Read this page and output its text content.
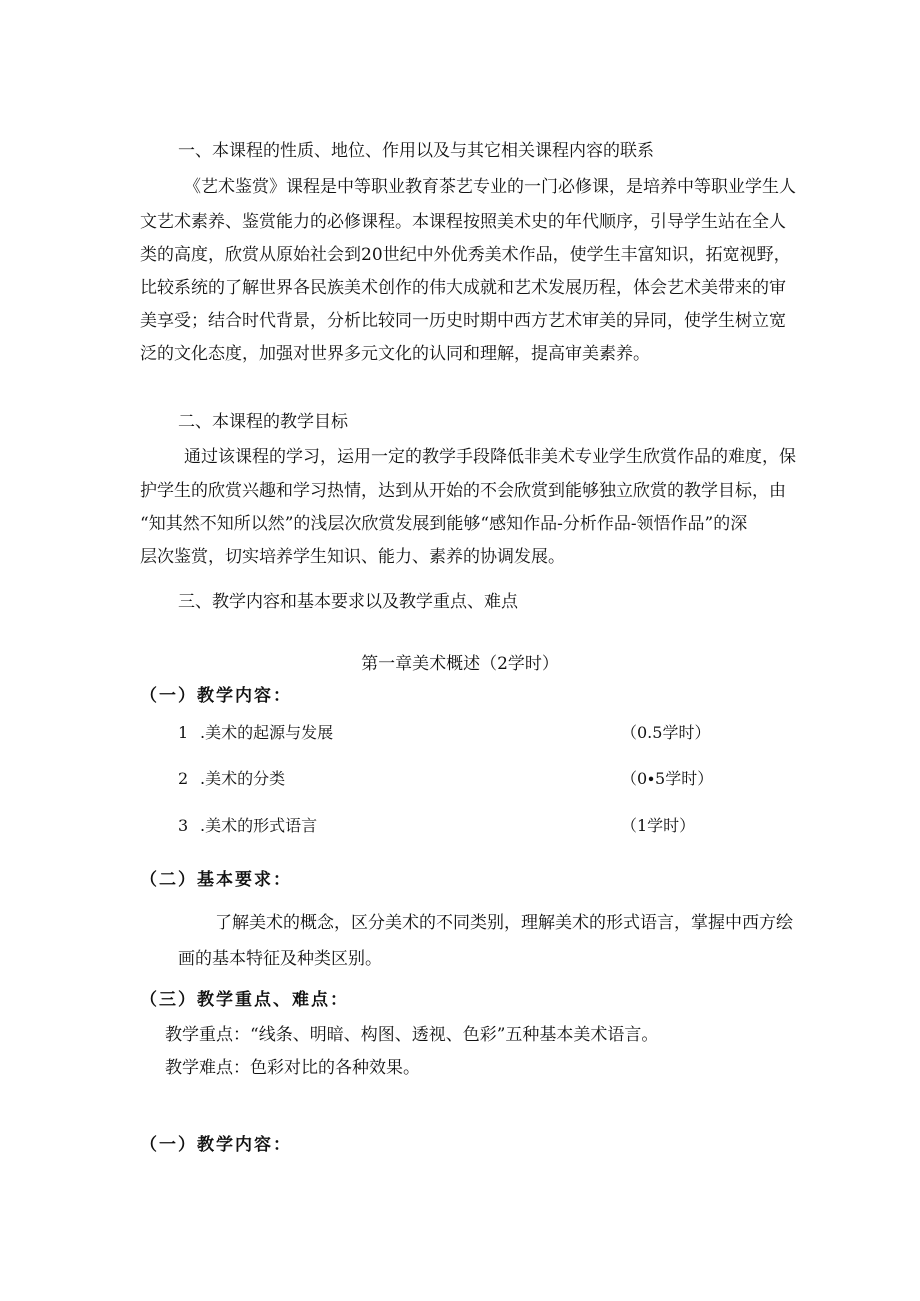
一、本课程的性质、地位、作用以及与其它相关课程内容的联系

《艺术鉴赏》课程是中等职业教育茶艺专业的一门必修课，是培养中等职业学生人

文艺术素养、鉴赏能力的必修课程。本课程按照美术史的年代顺序，引导学生站在全人

类的高度，欣赏从原始社会到20世纪中外优秀美术作品，使学生丰富知识，拓宽视野，

比较系统的了解世界各民族美术创作的伟大成就和艺术发展历程，体会艺术美带来的审

美享受；结合时代背景，分析比较同一历史时期中西方艺术审美的异同，使学生树立宽

泛的文化态度，加强对世界多元文化的认同和理解，提高审美素养。

二、本课程的教学目标

通过该课程的学习，运用一定的教学手段降低非美术专业学生欣赏作品的难度，保

护学生的欣赏兴趣和学习热情，达到从开始的不会欣赏到能够独立欣赏的教学目标，由

“知其然不知所以然”的浅层次欣赏发展到能够“感知作品-分析作品-领悟作品”的深

层次鉴赏，切实培养学生知识、能力、素养的协调发展。

三、教学内容和基本要求以及教学重点、难点

第一章美术概述（2学时）

（一）教学内容：

1 .美术的起源与发展	（0.5学时）

2 .美术的分类	（0∙5学时）

3 .美术的形式语言	（1学时）

（二）基本要求：

了解美术的概念，区分美术的不同类别，理解美术的形式语言，掌握中西方绘

画的基本特征及种类区别。

（三）教学重点、难点：

教学重点：“线条、明暗、构图、透视、色彩”五种基本美术语言。

教学难点：色彩对比的各种效果。

（一）教学内容：
